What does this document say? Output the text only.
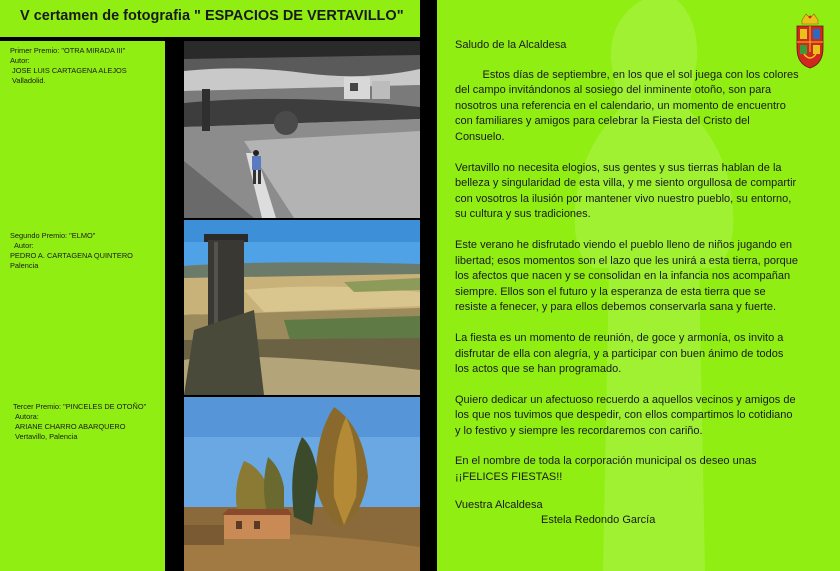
V certamen de fotografia " ESPACIOS DE VERTAVILLO"
Primer Premio: "OTRA MIRADA III"
Autor:
JOSE LUIS CARTAGENA ALEJOS
Valladolid.
Segundo Premio: "ELMO"
Autor:
PEDRO A. CARTAGENA QUINTERO
Palencia
Tercer Premio: "PINCELES DE OTOÑO"
Autora:
ARIANE CHARRO ABARQUERO
Vertavillo, Palencia

Saludo de la Alcaldesa

Estos días de septiembre, en los que el sol juega con los colores del campo invitándonos al sosiego del inminente otoño, son para nosotros una referencia en el calendario, un momento de encuentro con familiares y amigos para celebrar la Fiesta del Cristo del Consuelo.

Vertavillo no necesita elogios, sus gentes y sus tierras hablan de la belleza y singularidad de esta villa, y me siento orgullosa de compartir con vosotros la ilusión por mantener vivo nuestro pueblo, su entorno, su cultura y sus tradiciones.

Este verano he disfrutado viendo el pueblo lleno de niños jugando en libertad; esos momentos son el lazo que les unirá a esta tierra, porque los afectos que nacen y se consolidan en la infancia nos acompañan siempre. Ellos son el futuro y la esperanza de esta tierra que se resiste a fenecer, y para ellos debemos conservarla sana y fuerte.

La fiesta es un momento de reunión, de goce y armonía, os invito a disfrutar de ella con alegría, y a participar con buen ánimo de todos los actos que se han programado.

Quiero dedicar un afectuoso recuerdo a aquellos vecinos y amigos de los que nos tuvimos que despedir, con ellos compartimos lo cotidiano y lo festivo y siempre les recordaremos con cariño.

En el nombre de toda la corporación municipal os deseo unas ¡¡FELICES FIESTAS!!

Vuestra Alcaldesa

Estela Redondo García
